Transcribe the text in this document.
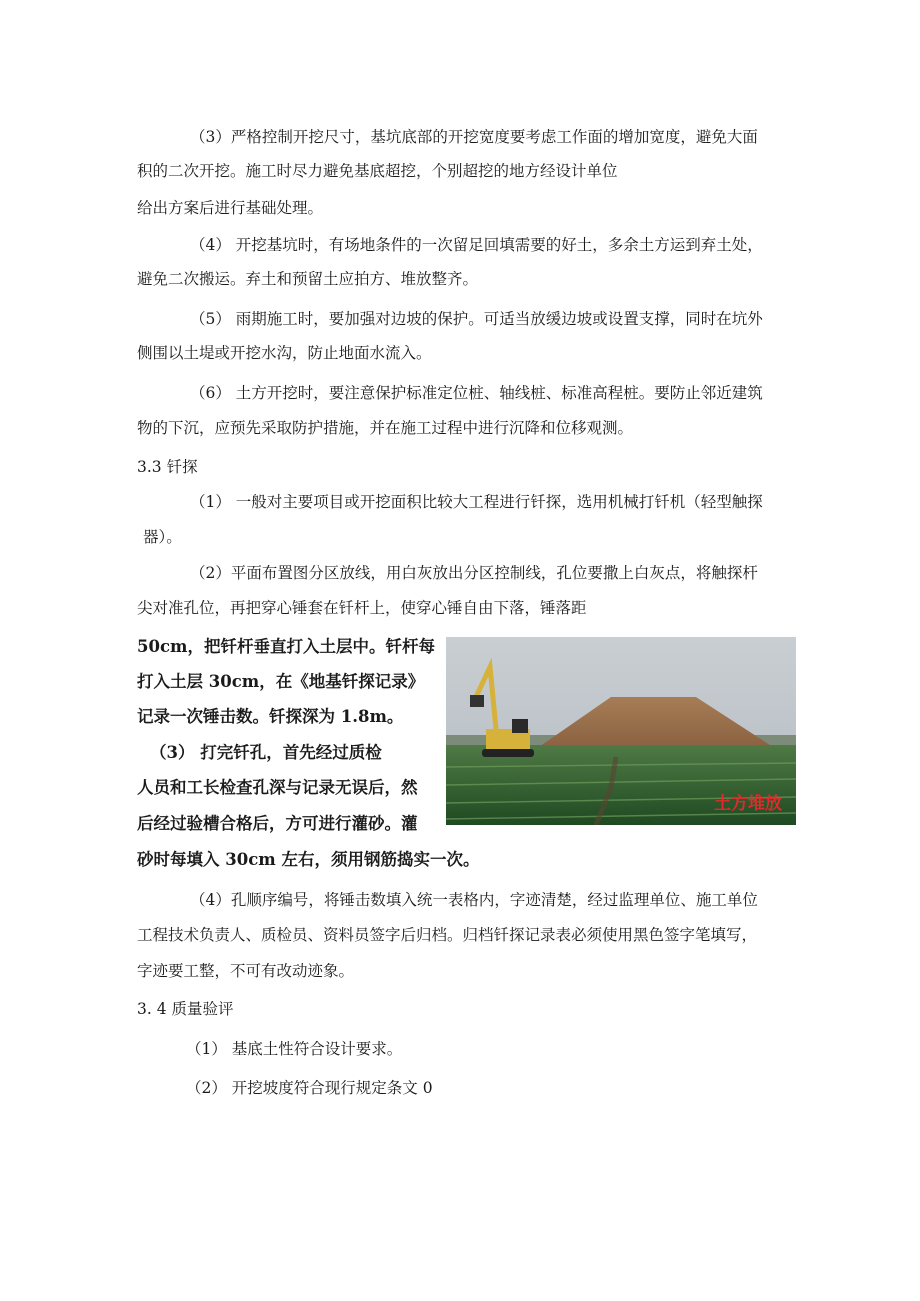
（3）严格控制开挖尺寸，基坑底部的开挖宽度要考虑工作面的增加宽度，避免大面
积的二次开挖。施工时尽力避免基底超挖，个别超挖的地方经设计单位
给出方案后进行基础处理。
（4） 开挖基坑时，有场地条件的一次留足回填需要的好土，多余土方运到弃土处，
避免二次搬运。弃土和预留土应拍方、堆放整齐。
（5） 雨期施工时，要加强对边坡的保护。可适当放缓边坡或设置支撑，同时在坑外
侧围以土堤或开挖水沟，防止地面水流入。
（6） 土方开挖时，要注意保护标准定位桩、轴线桩、标准高程桩。要防止邻近建筑
物的下沉，应预先采取防护措施，并在施工过程中进行沉降和位移观测。
3.3 钎探
（1） 一般对主要项目或开挖面积比较大工程进行钎探，选用机械打钎机（轻型触探
器）。
（2）平面布置图分区放线，用白灰放出分区控制线，孔位要撒上白灰点，将触探杆
尖对准孔位，再把穿心锤套在钎杆上，使穿心锤自由下落，锤落距
50cm，把钎杆垂直打入土层中。钎杆每
打入土层 30cm，在《地基钎探记录》
记录一次锤击数。钎探深为 1.8m。
（3） 打完钎孔，首先经过质检
人员和工长检查孔深与记录无误后，然
后经过验槽合格后，方可进行灌砂。灌
砂时每填入 30cm 左右，须用钢筋捣实一次。
土方堆放
（4）孔顺序编号，将锤击数填入统一表格内，字迹清楚，经过监理单位、施工单位
工程技术负责人、质检员、资料员签字后归档。归档钎探记录表必须使用黑色签字笔填写，
字迹要工整，不可有改动迹象。
3. 4 质量验评
（1） 基底土性符合设计要求。
（2） 开挖坡度符合现行规定条文 0
